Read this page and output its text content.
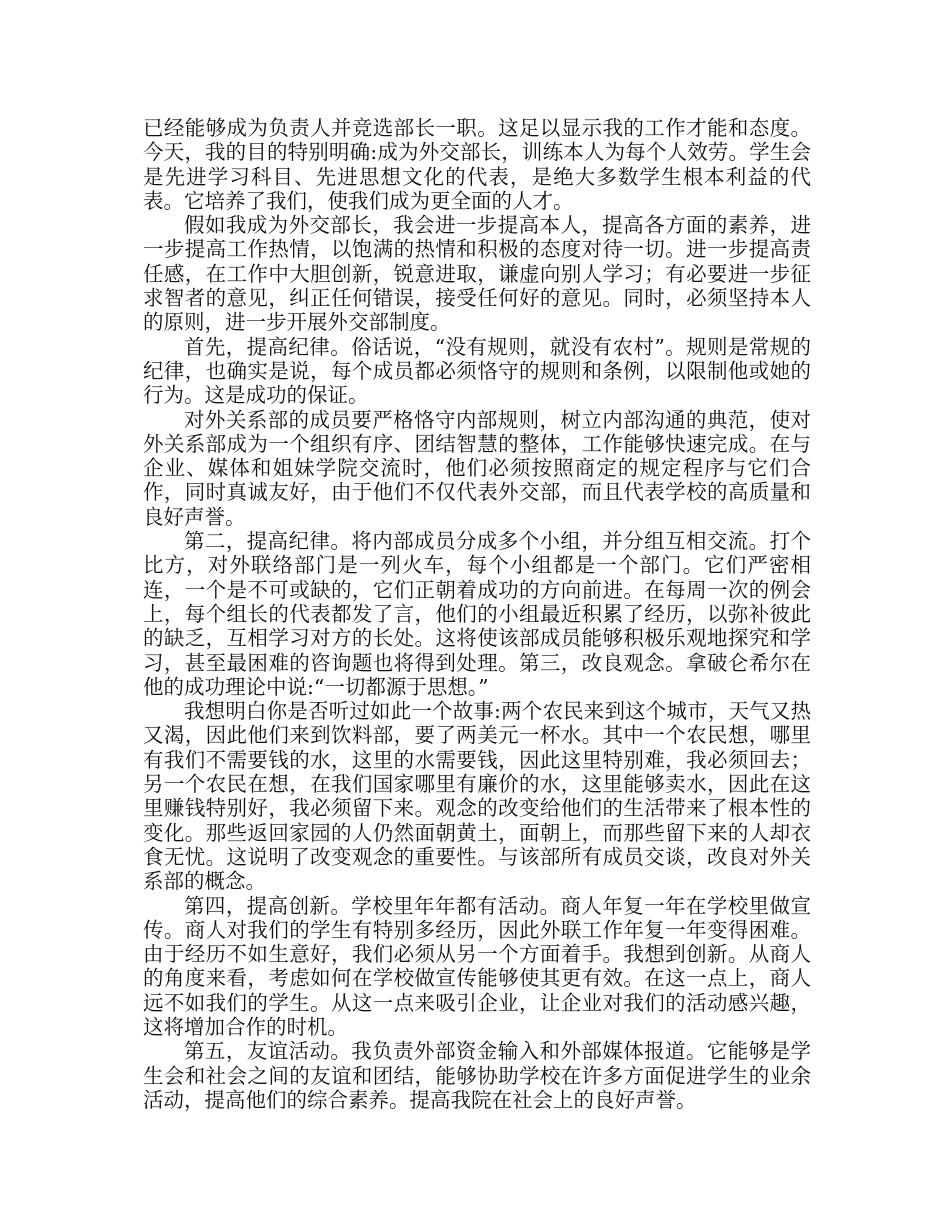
已经能够成为负责人并竞选部长一职。这足以显示我的工作才能和态度。今天，我的目的特别明确:成为外交部长，训练本人为每个人效劳。学生会是先进学习科目、先进思想文化的代表，是绝大多数学生根本利益的代表。它培养了我们，使我们成为更全面的人才。

假如我成为外交部长，我会进一步提高本人，提高各方面的素养，进一步提高工作热情，以饱满的热情和积极的态度对待一切。进一步提高责任感，在工作中大胆创新，锐意进取，谦虚向别人学习；有必要进一步征求智者的意见，纠正任何错误，接受任何好的意见。同时，必须坚持本人的原则，进一步开展外交部制度。

首先，提高纪律。俗话说，“没有规则，就没有农村”。规则是常规的纪律，也确实是说，每个成员都必须恪守的规则和条例，以限制他或她的行为。这是成功的保证。

对外关系部的成员要严格恪守内部规则，树立内部沟通的典范，使对外关系部成为一个组织有序、团结智慧的整体，工作能够快速完成。在与企业、媒体和姐妹学院交流时，他们必须按照商定的规定程序与它们合作，同时真诚友好，由于他们不仅代表外交部，而且代表学校的高质量和良好声誉。

第二，提高纪律。将内部成员分成多个小组，并分组互相交流。打个比方，对外联络部门是一列火车，每个小组都是一个部门。它们严密相连，一个是不可或缺的，它们正朝着成功的方向前进。在每周一次的例会上，每个组长的代表都发了言，他们的小组最近积累了经历，以弥补彼此的缺乏，互相学习对方的长处。这将使该部成员能够积极乐观地探究和学习，甚至最困难的咨询题也将得到处理。第三，改良观念。拿破仑希尔在他的成功理论中说:“一切都源于思想。”

我想明白你是否听过如此一个故事:两个农民来到这个城市，天气又热又渴，因此他们来到饮料部，要了两美元一杯水。其中一个农民想，哪里有我们不需要钱的水，这里的水需要钱，因此这里特别难，我必须回去；另一个农民在想，在我们国家哪里有廉价的水，这里能够卖水，因此在这里赚钱特别好，我必须留下来。观念的改变给他们的生活带来了根本性的变化。那些返回家园的人仍然面朝黄土，面朝上，而那些留下来的人却衣食无忧。这说明了改变观念的重要性。与该部所有成员交谈，改良对外关系部的概念。

第四，提高创新。学校里年年都有活动。商人年复一年在学校里做宣传。商人对我们的学生有特别多经历，因此外联工作年复一年变得困难。由于经历不如生意好，我们必须从另一个方面着手。我想到创新。从商人的角度来看，考虑如何在学校做宣传能够使其更有效。在这一点上，商人远不如我们的学生。从这一点来吸引企业，让企业对我们的活动感兴趣，这将增加合作的时机。

第五，友谊活动。我负责外部资金输入和外部媒体报道。它能够是学生会和社会之间的友谊和团结，能够协助学校在许多方面促进学生的业余活动，提高他们的综合素养。提高我院在社会上的良好声誉。
